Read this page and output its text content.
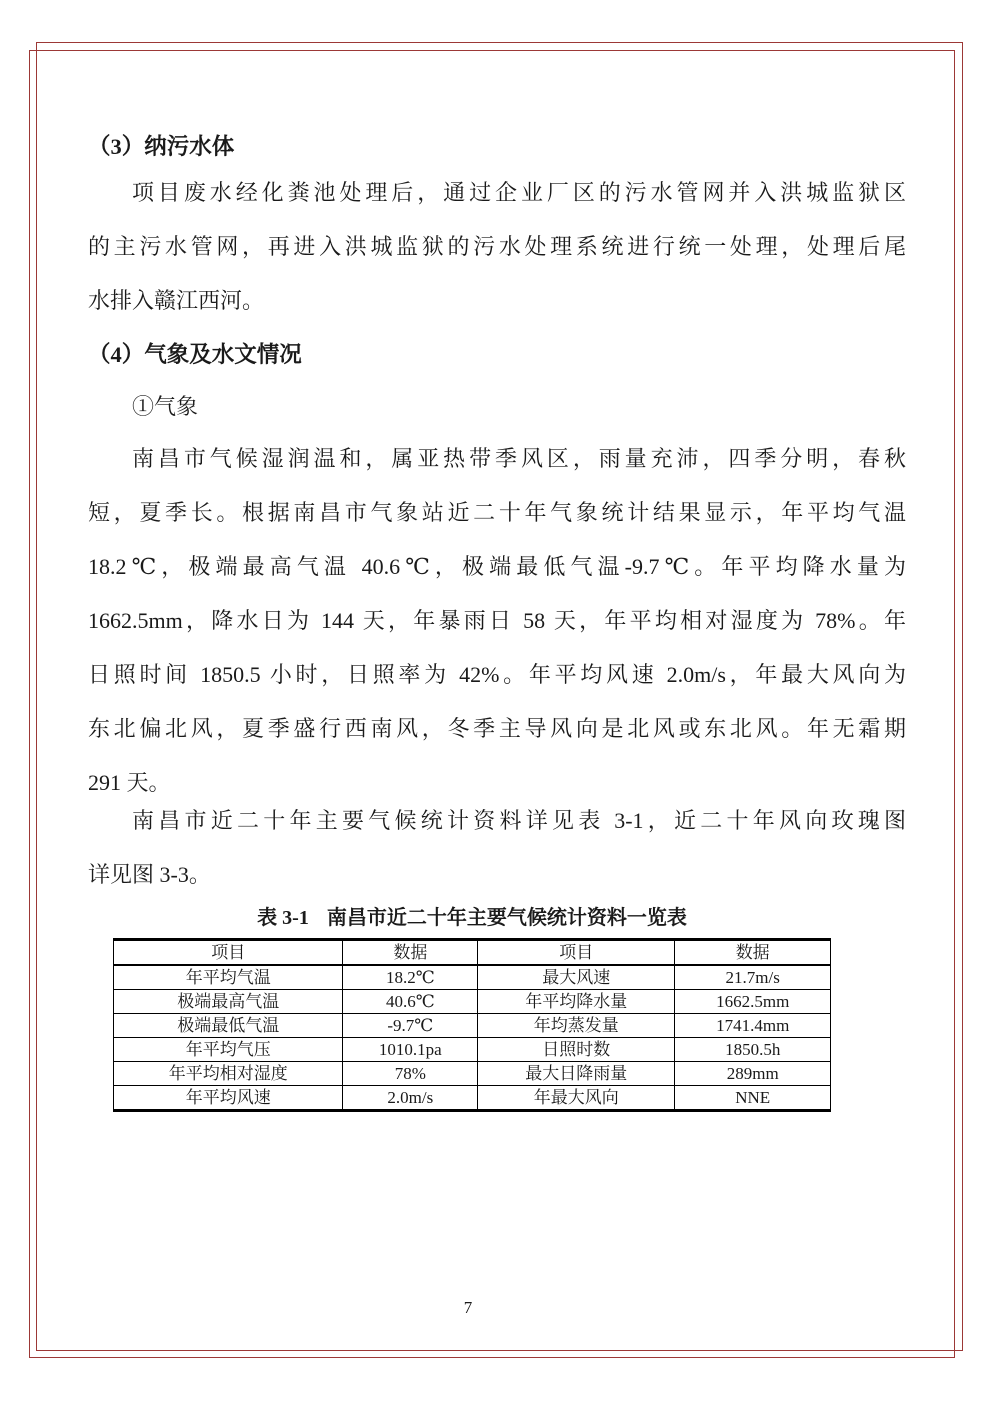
（3）纳污水体
项目废水经化粪池处理后，通过企业厂区的污水管网并入洪城监狱区
的主污水管网，再进入洪城监狱的污水处理系统进行统一处理，处理后尾
水排入赣江西河。
（4）气象及水文情况
①气象
南昌市气候湿润温和，属亚热带季风区，雨量充沛，四季分明，春秋
短，夏季长。根据南昌市气象站近二十年气象统计结果显示，年平均气温
18.2℃，极端最高气温 40.6℃，极端最低气温-9.7℃。年平均降水量为
1662.5mm，降水日为 144 天，年暴雨日 58 天，年平均相对湿度为 78%。年
日照时间 1850.5 小时，日照率为 42%。年平均风速 2.0m/s，年最大风向为
东北偏北风，夏季盛行西南风，冬季主导风向是北风或东北风。年无霜期
291 天。
南昌市近二十年主要气候统计资料详见表 3-1，近二十年风向玫瑰图
详见图 3-3。
表 3-1 南昌市近二十年主要气候统计资料一览表
项目	数据	项目	数据
年平均气温	18.2℃	最大风速	21.7m/s
极端最高气温	40.6℃	年平均降水量	1662.5mm
极端最低气温	-9.7℃	年均蒸发量	1741.4mm
年平均气压	1010.1pa	日照时数	1850.5h
年平均相对湿度	78%	最大日降雨量	289mm
年平均风速	2.0m/s	年最大风向	NNE
7
